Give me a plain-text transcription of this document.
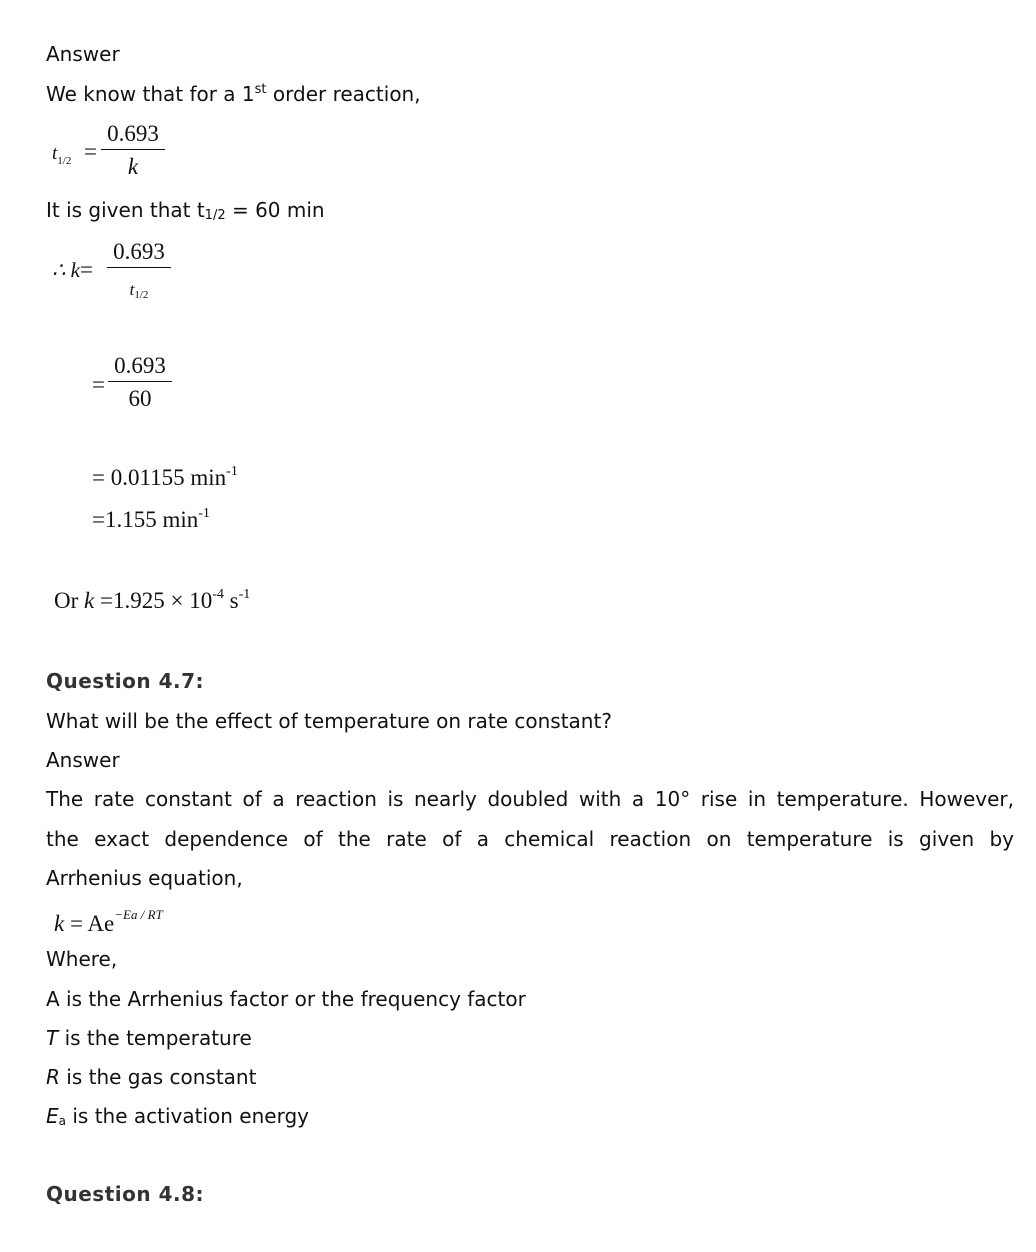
Answer
We know that for a 1st order reaction,
$t_{1/2}$ =
0.693
k
It is given that $t_{1/2} = 60$ min
∴ k=
0.693
t1/2
=
0.693
60
= 0.01155 $\min^{-1}$
=1.155 $\min^{-1}$
Or $k =1.925 \times 10^{-4}$ $s^{-1}$
Question 4.7:
What will be the effect of temperature on rate constant?
Answer
The rate constant of a reaction is nearly doubled with a 10° rise in temperature. However,
the exact dependence of the rate of a chemical reaction on temperature is given by
Arrhenius equation,
$k = Ae^{-Ea / RT}$
Where,
A is the Arrhenius factor or the frequency factor
T is the temperature
R is the gas constant
$E_a$ is the activation energy
Question 4.8:
